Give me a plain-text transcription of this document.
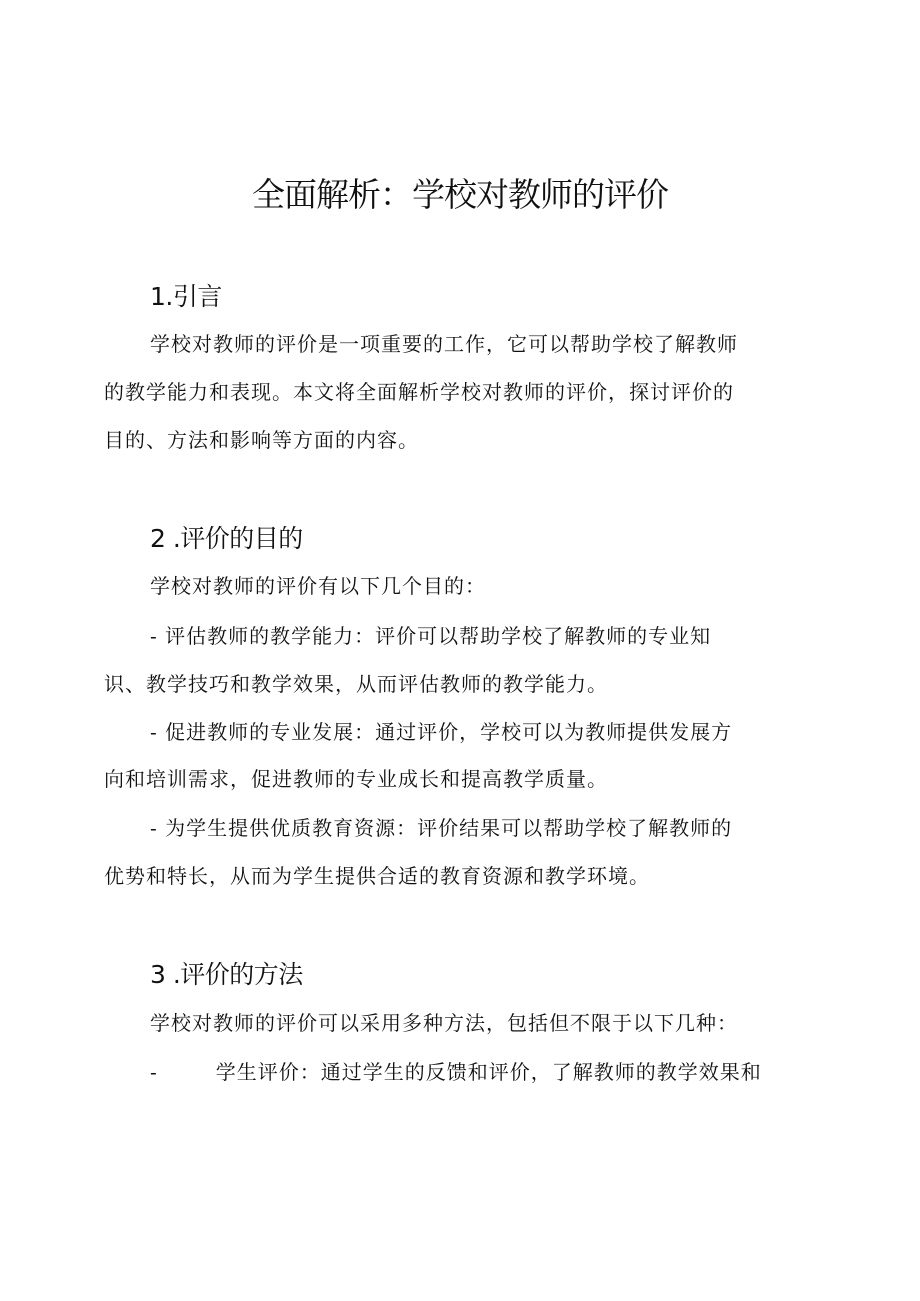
全面解析：学校对教师的评价
1.引言
学校对教师的评价是一项重要的工作，它可以帮助学校了解教师
的教学能力和表现。本文将全面解析学校对教师的评价，探讨评价的
目的、方法和影响等方面的内容。
2 .评价的目的
学校对教师的评价有以下几个目的：
- 评估教师的教学能力：评价可以帮助学校了解教师的专业知
识、教学技巧和教学效果，从而评估教师的教学能力。
- 促进教师的专业发展：通过评价，学校可以为教师提供发展方
向和培训需求，促进教师的专业成长和提高教学质量。
- 为学生提供优质教育资源：评价结果可以帮助学校了解教师的
优势和特长，从而为学生提供合适的教育资源和教学环境。
3 .评价的方法
学校对教师的评价可以采用多种方法，包括但不限于以下几种：
-	学生评价：通过学生的反馈和评价，了解教师的教学效果和
